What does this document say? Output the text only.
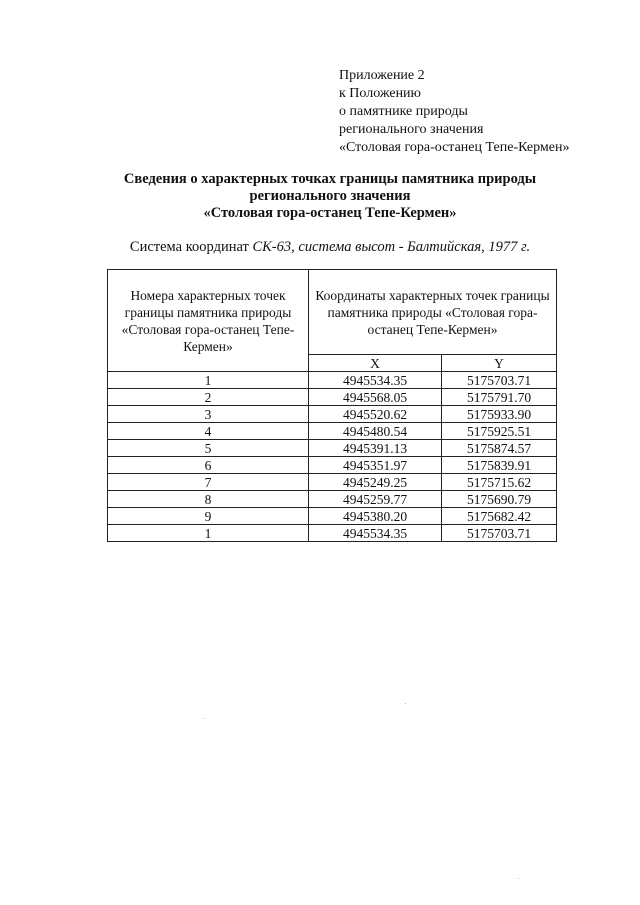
Приложение 2
к Положению
о памятнике природы
регионального значения
«Столовая гора-останец Тепе-Кермен»
Сведения о характерных точках границы памятника природы
регионального значения
«Столовая гора-останец Тепе-Кермен»
Система координат СК-63, система высот - Балтийская, 1977 г.
Номера характерных точек границы памятника природы «Столовая гора-останец Тепе-Кермен»	Координаты характерных точек границы памятника природы «Столовая гора-останец Тепе-Кермен»	
	X	Y
1	4945534.35	5175703.71
2	4945568.05	5175791.70
3	4945520.62	5175933.90
4	4945480.54	5175925.51
5	4945391.13	5175874.57
6	4945351.97	5175839.91
7	4945249.25	5175715.62
8	4945259.77	5175690.79
9	4945380.20	5175682.42
1	4945534.35	5175703.71
